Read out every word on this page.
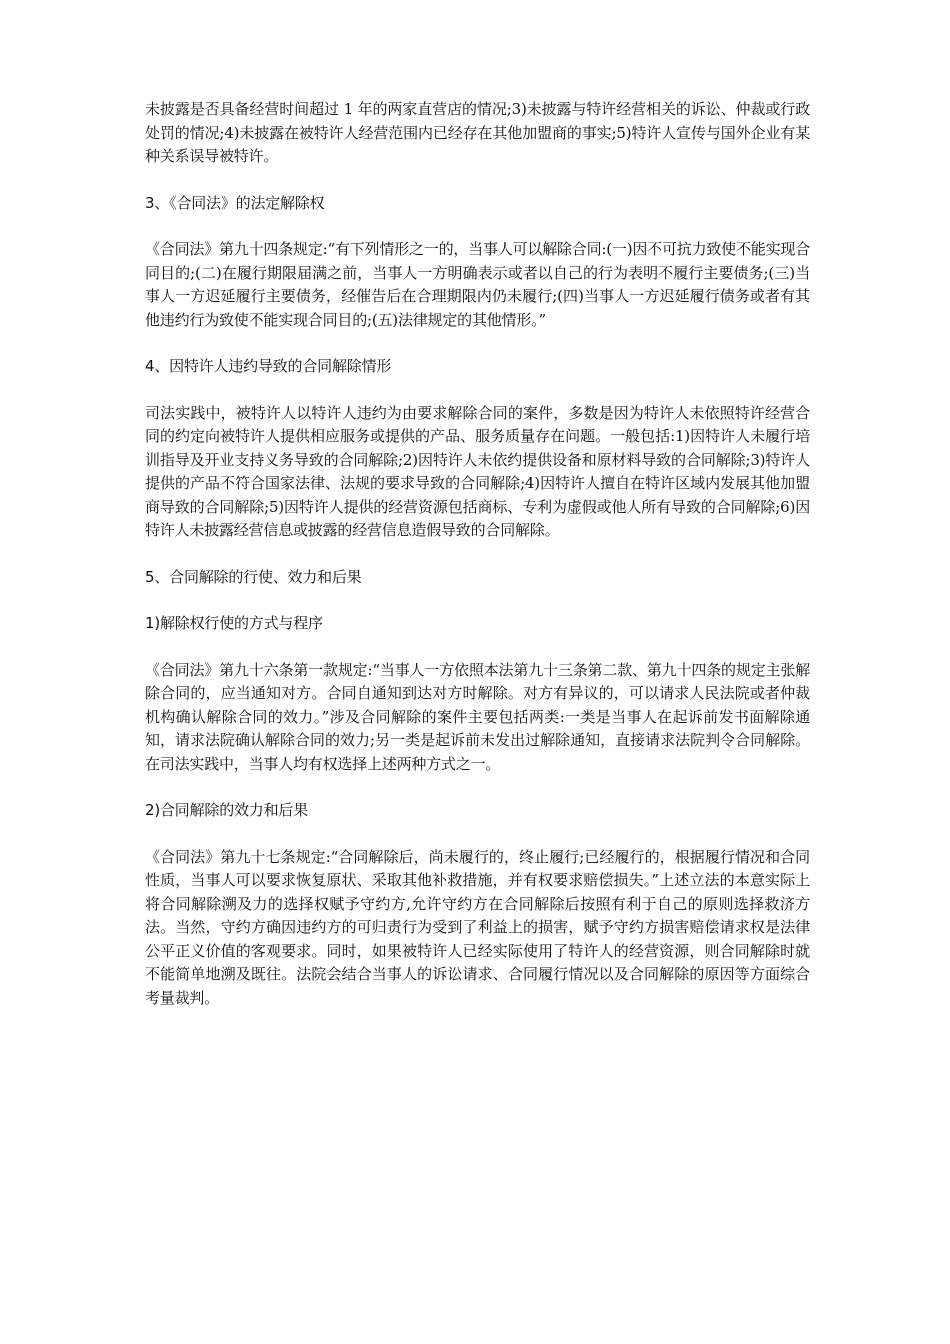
未披露是否具备经营时间超过 1 年的两家直营店的情况;3)未披露与特许经营相关的诉讼、仲裁或行政处罚的情况;4)未披露在被特许人经营范围内已经存在其他加盟商的事实;5)特许人宣传与国外企业有某种关系误导被特许。

3、《合同法》的法定解除权

《合同法》第九十四条规定:“有下列情形之一的，当事人可以解除合同:(一)因不可抗力致使不能实现合同目的;(二)在履行期限届满之前，当事人一方明确表示或者以自己的行为表明不履行主要债务;(三)当事人一方迟延履行主要债务，经催告后在合理期限内仍未履行;(四)当事人一方迟延履行债务或者有其他违约行为致使不能实现合同目的;(五)法律规定的其他情形。”

4、因特许人违约导致的合同解除情形

司法实践中，被特许人以特许人违约为由要求解除合同的案件，多数是因为特许人未依照特许经营合同的约定向被特许人提供相应服务或提供的产品、服务质量存在问题。一般包括:1)因特许人未履行培训指导及开业支持义务导致的合同解除;2)因特许人未依约提供设备和原材料导致的合同解除;3)特许人提供的产品不符合国家法律、法规的要求导致的合同解除;4)因特许人擅自在特许区域内发展其他加盟商导致的合同解除;5)因特许人提供的经营资源包括商标、专利为虚假或他人所有导致的合同解除;6)因特许人未披露经营信息或披露的经营信息造假导致的合同解除。

5、合同解除的行使、效力和后果

1)解除权行使的方式与程序

《合同法》第九十六条第一款规定:“当事人一方依照本法第九十三条第二款、第九十四条的规定主张解除合同的，应当通知对方。合同自通知到达对方时解除。对方有异议的，可以请求人民法院或者仲裁机构确认解除合同的效力。”涉及合同解除的案件主要包括两类:一类是当事人在起诉前发书面解除通知，请求法院确认解除合同的效力;另一类是起诉前未发出过解除通知，直接请求法院判令合同解除。在司法实践中，当事人均有权选择上述两种方式之一。

2)合同解除的效力和后果

《合同法》第九十七条规定:“合同解除后，尚未履行的，终止履行;已经履行的，根据履行情况和合同性质，当事人可以要求恢复原状、采取其他补救措施，并有权要求赔偿损失。”上述立法的本意实际上将合同解除溯及力的选择权赋予守约方,允许守约方在合同解除后按照有利于自己的原则选择救济方法。当然，守约方确因违约方的可归责行为受到了利益上的损害，赋予守约方损害赔偿请求权是法律公平正义价值的客观要求。同时，如果被特许人已经实际使用了特许人的经营资源，则合同解除时就不能简单地溯及既往。法院会结合当事人的诉讼请求、合同履行情况以及合同解除的原因等方面综合考量裁判。
